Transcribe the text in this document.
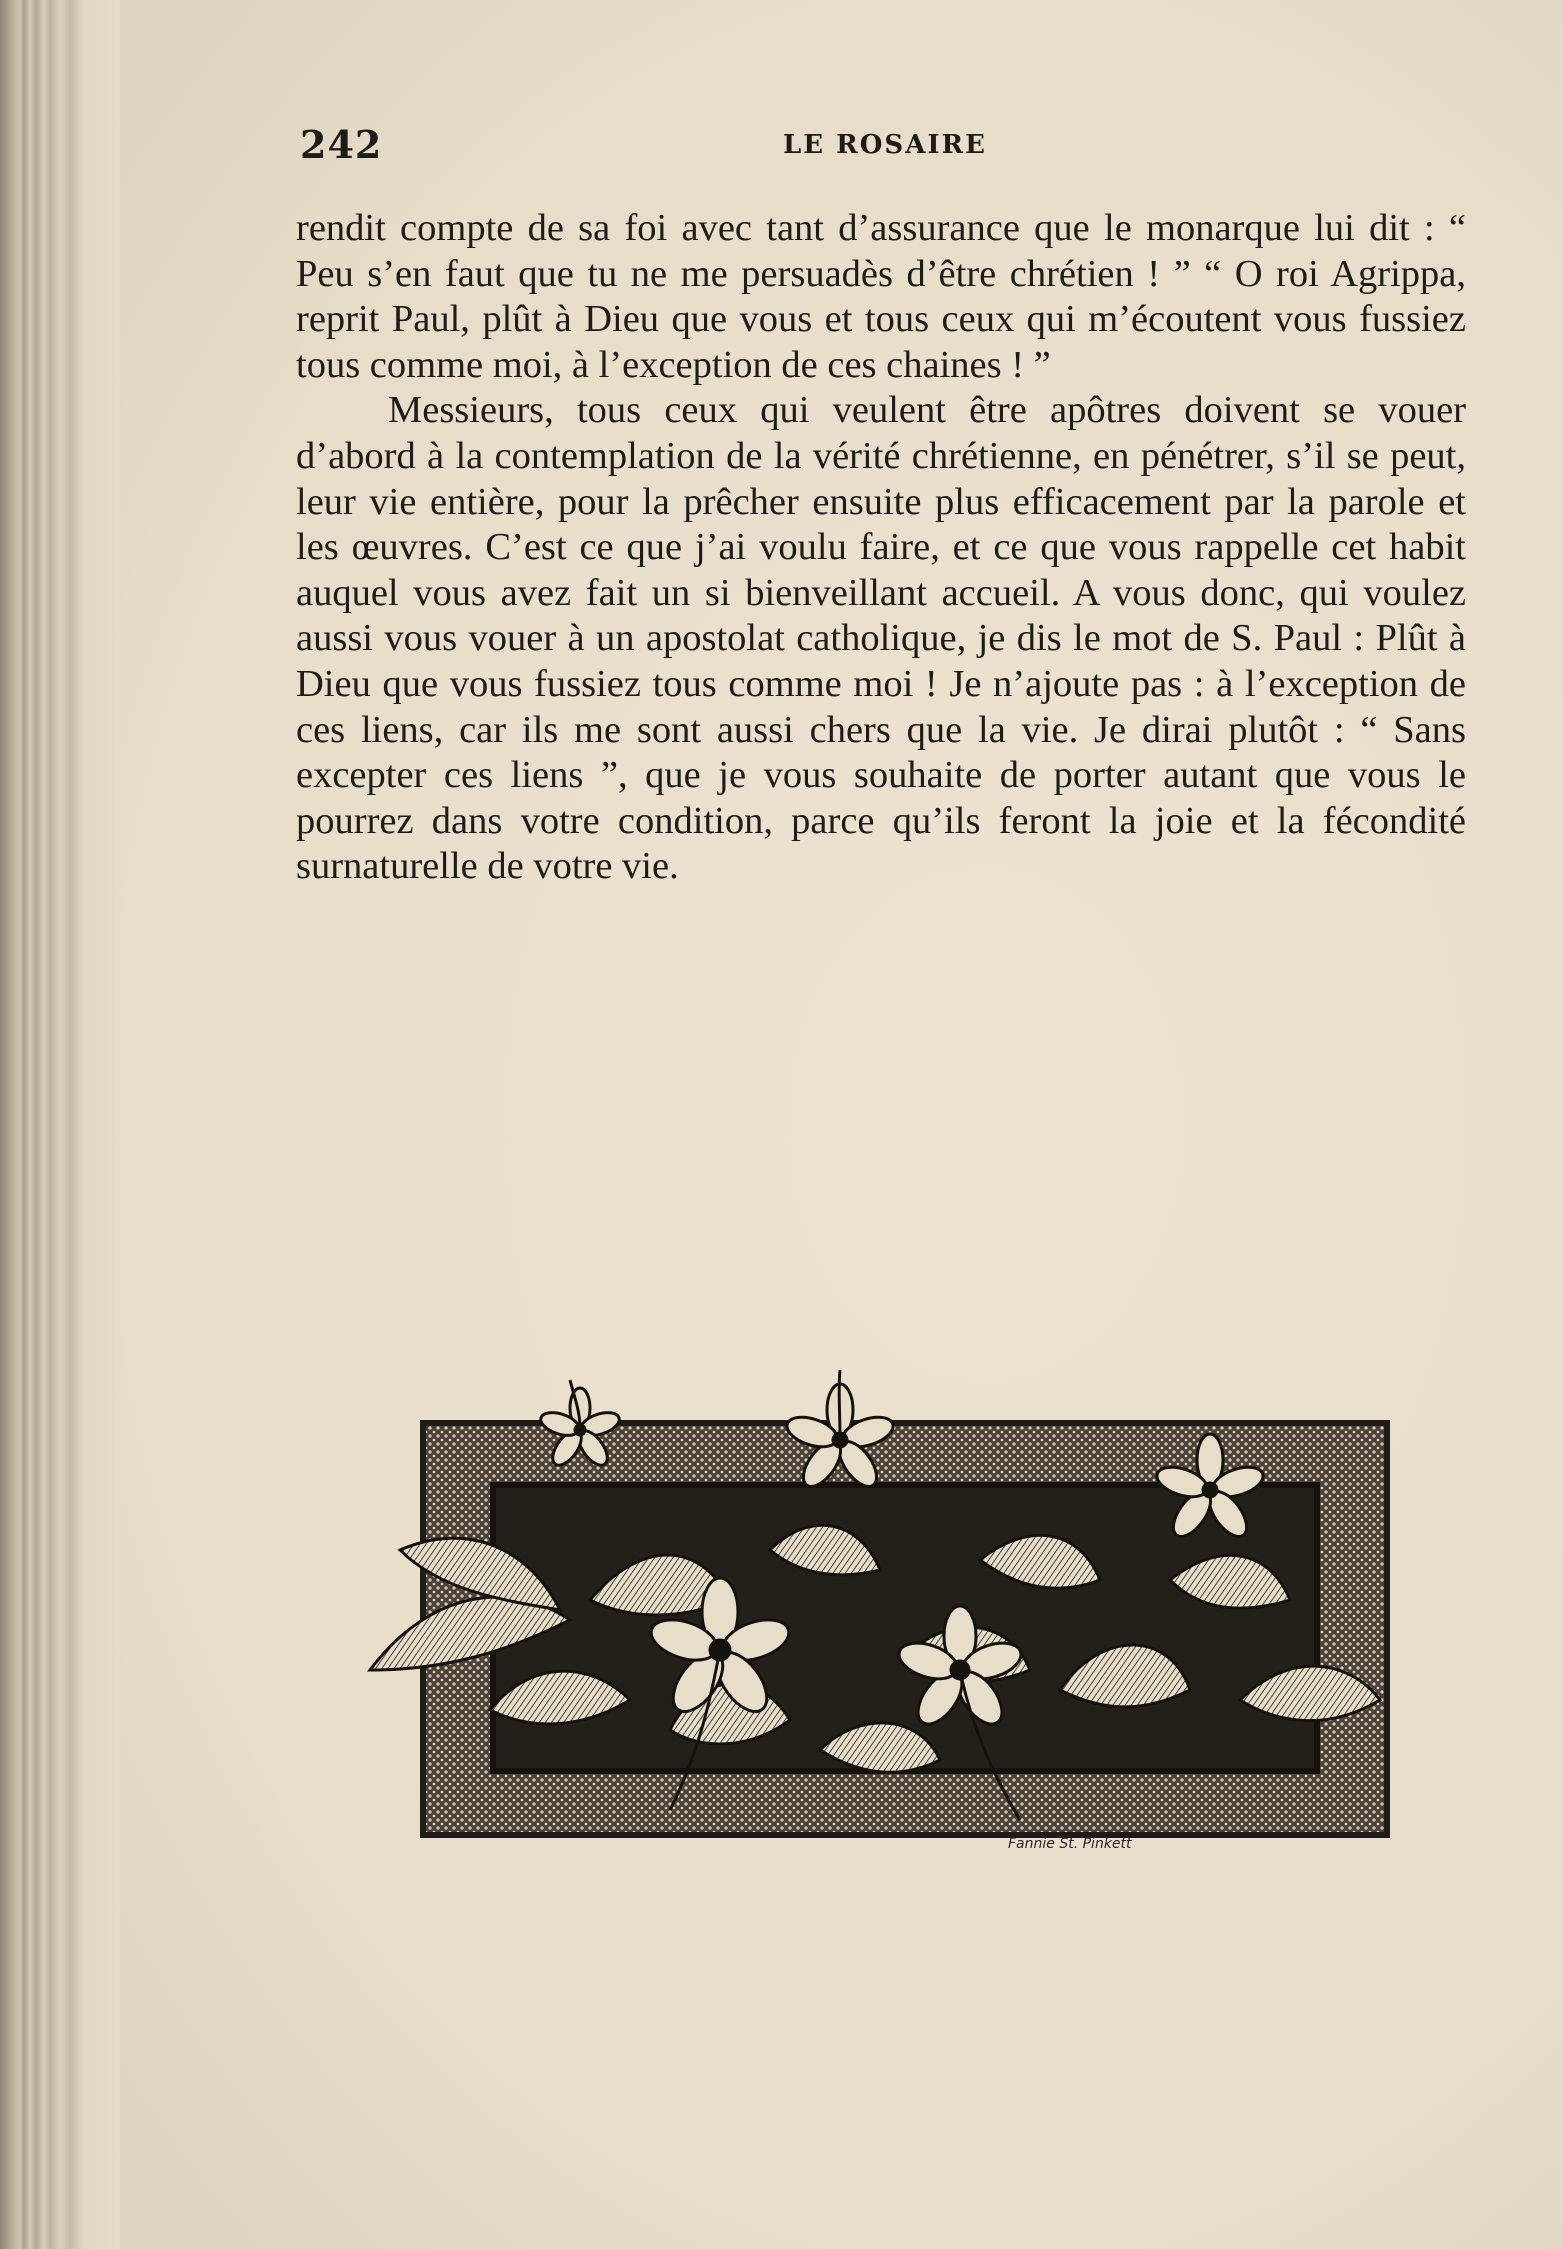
242	LE ROSAIRE

rendit compte de sa foi avec tant d’assurance que le monarque lui dit : “ Peu s’en faut que tu ne me persuadès d’être chrétien ! ” “ O roi Agrippa, reprit Paul, plût à Dieu que vous et tous ceux qui m’écoutent vous fussiez tous comme moi, à l’exception de ces chaines ! ”

Messieurs, tous ceux qui veulent être apôtres doivent se vouer d’abord à la contemplation de la vérité chrétienne, en pénétrer, s’il se peut, leur vie entière, pour la prêcher ensuite plus efficacement par la parole et les œuvres. C’est ce que j’ai voulu faire, et ce que vous rappelle cet habit auquel vous avez fait un si bienveillant accueil. A vous donc, qui voulez aussi vous vouer à un apostolat catholique, je dis le mot de S. Paul : Plût à Dieu que vous fussiez tous comme moi ! Je n’ajoute pas : à l’exception de ces liens, car ils me sont aussi chers que la vie. Je dirai plutôt : “ Sans excepter ces liens ”, que je vous souhaite de porter autant que vous le pourrez dans votre condition, parce qu’ils feront la joie et la fécondité surnaturelle de votre vie.

Fannie St. Pinkett
